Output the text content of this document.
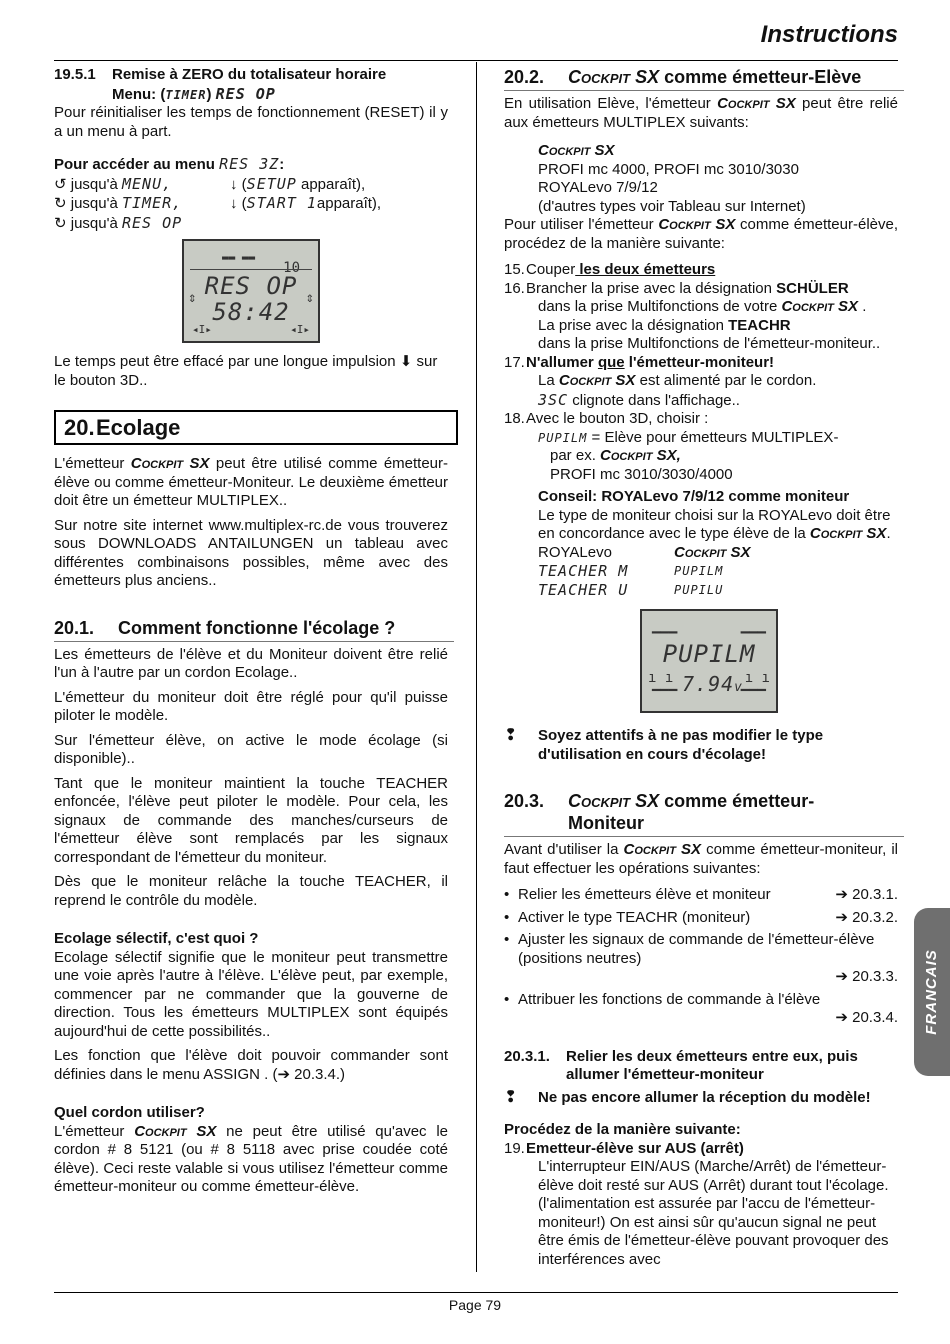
Instructions
Page 79
FRANCAIS
19.5.1	Remise à ZERO du totalisateur horaire
Menu: (TIMER) RES OP

Pour réinitialiser les temps de fonctionnement (RESET) il y a un menu à part.

Pour accéder au menu RES ЗZ:

↺ jusqu'à MENU,	↓ (SETUP apparaît),
↻ jusqu'à TIMER,	↓ (START 1apparaît),
↻ jusqu'à RES OP
▬▬ ▬▬
10
RES OP
58:42
⇕	⇕
◂I▸	◂I▸

Le temps peut être effacé par une longue impulsion ⬇ sur le bouton 3D..

20.Ecolage

L'émetteur Cockpit SX peut être utilisé comme émetteur-élève ou comme émetteur-Moniteur. Le deuxième émetteur doit être un émetteur MULTIPLEX..

Sur notre site internet www.multiplex-rc.de vous trouverez sous DOWNLOADS ANTAILUNGEN un tableau avec différentes combinaisons possibles, même avec des émetteurs plus anciens..

20.1. Comment fonctionne l'écolage ?

Les émetteurs de l'élève et du Moniteur doivent être relié l'un à l'autre par un cordon Ecolage..

L'émetteur du moniteur doit être réglé pour qu'il puisse piloter le modèle.

Sur l'émetteur élève, on active le mode écolage (si disponible)..

Tant que le moniteur maintient la touche TEACHER enfoncée, l'élève peut piloter le modèle. Pour cela, les signaux de commande des manches/curseurs de l'émetteur élève sont remplacés par les signaux correspondant de l'émetteur du moniteur.

Dès que le moniteur relâche la touche TEACHER, il reprend le contrôle du modèle.

Ecolage sélectif, c'est quoi ?

Ecolage sélectif signifie que le moniteur peut transmettre une voie après l'autre à l'élève. L'élève peut, par exemple, commencer par ne commander que la gouverne de direction. Tous les émetteurs MULTIPLEX sont équipés aujourd'hui de cette possibilités..

Les fonction que l'élève doit pouvoir commander sont définies dans le menu ASSIGN . (➔ 20.3.4.)

Quel cordon utiliser?

L'émetteur Cockpit SX ne peut être utilisé qu'avec le cordon # 8 5121 (ou # 8 5118 avec prise coudée coté élève). Ceci reste valable si vous utilisez l'émetteur comme émetteur-moniteur ou comme émetteur-élève.

20.2. Cockpit SX comme émetteur-Elève

En utilisation Elève, l'émetteur Cockpit SX peut être relié aux émetteurs MULTIPLEX suivants:

Cockpit SX
PROFI mc 4000, PROFI mc 3010/3030
ROYALevo 7/9/12
(d'autres types voir Tableau sur Internet)

Pour utiliser l'émetteur Cockpit SX comme émetteur-élève, procédez de la manière suivante:

15. Couper les deux émetteurs
16. Brancher la prise avec la désignation SCHÜLER
dans la prise Multifonctions de votre Cockpit SX .
La prise avec la désignation TEACHR
dans la prise Multifonctions de l'émetteur-moniteur..
17. N'allumer que l'émetteur-moniteur!
La Cockpit SX est alimenté par le cordon.
ЗSC clignote dans l'affichage..
18. Avec le bouton 3D, choisir :
PUPILM = Elève pour émetteurs MULTIPLEX-
par ex. Cockpit SX,
PROFI mc 3010/3030/4000
Conseil: ROYALevo 7/9/12 comme moniteur
Le type de moniteur choisi sur la ROYALevo doit être en concordance avec le type élève de la Cockpit SX.
ROYALevo	Cockpit SX
TEACHER M	PUPILM
TEACHER U	PUPILU
▁▁▁	▁▁▁
PUPILM
7.94v
ı ı	ı ı
▔▔▔	▔▔▔
❢	Soyez attentifs à ne pas modifier le type d'utilisation en cours d'écolage!
20.3. Cockpit SX comme émetteur-
Moniteur

Avant d'utiliser la Cockpit SX comme émetteur-moniteur, il faut effectuer les opérations suivantes:

• Relier les émetteurs élève et moniteur	➔ 20.3.1.
• Activer le type TEACHR (moniteur)	➔ 20.3.2.
• Ajuster les signaux de commande de l'émetteur-élève (positions neutres)
➔ 20.3.3.
• Attribuer les fonctions de commande à l'élève
➔ 20.3.4.
20.3.1.	Relier les deux émetteurs entre eux, puis allumer l'émetteur-moniteur
❢	Ne pas encore allumer la réception du modèle!

Procédez de la manière suivante:

19. Emetteur-élève sur AUS (arrêt)

L'interrupteur EIN/AUS (Marche/Arrêt) de l'émetteur-élève doit resté sur AUS (Arrêt) durant tout l'écolage. (l'alimentation est assurée par l'accu de l'émetteur-moniteur!) On est ainsi sûr qu'aucun signal ne peut être émis de l'émetteur-élève pouvant provoquer des interférences avec
